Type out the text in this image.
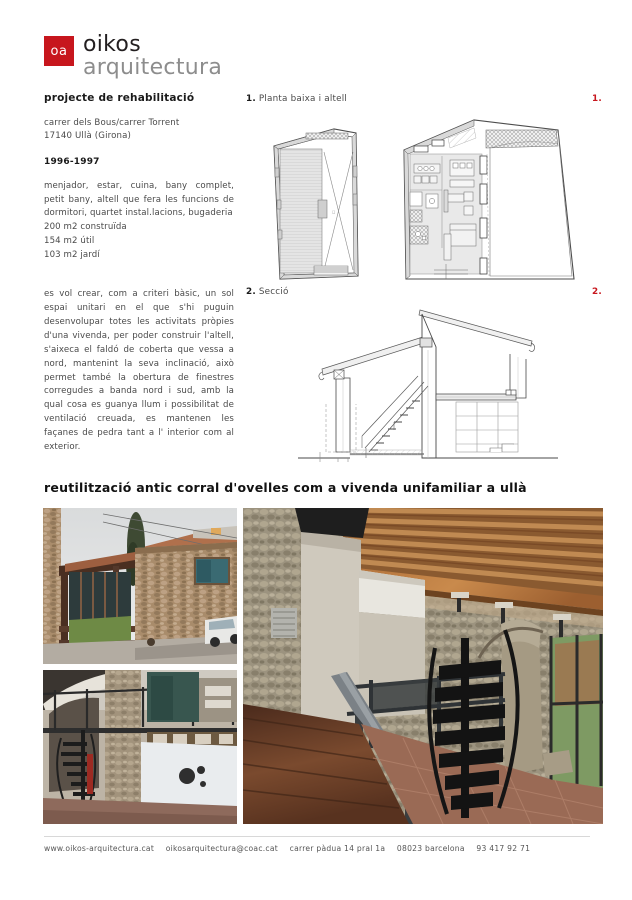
oa oikos
arquitectura
projecte de rehabilitació
carrer dels Bous/carrer Torrent
17140 Ullà (Girona)
1996-1997
menjador, estar, cuina, bany complet, petit bany, altell que fera les funcions de dormitori, quartet instal.lacions, bugaderia
200 m2 construïda
154 m2 útil
103 m2 jardí
es vol crear, com a criteri bàsic, un sol espai unitari en el que s'hi puguin desenvolupar totes les activitats pròpies d'una vivenda, per poder construir l'altell, s'aixeca el faldó de coberta que vessa a nord, mantenint la seva inclinació, això permet també la obertura de finestres corregudes a banda nord i sud, amb la qual cosa es guanya llum i possibilitat de ventilació creuada, es mantenen les façanes de pedra tant a l' interior com al exterior.
1. Planta baixa i altell	1.
□
2. Secció	2.
reutilització antic corral d'ovelles com a vivenda unifamiliar a ullà
www.oikos-arquitectura.cat oikosarquitectura@coac.cat carrer pàdua 14 pral 1a 08023 barcelona 93 417 92 71
